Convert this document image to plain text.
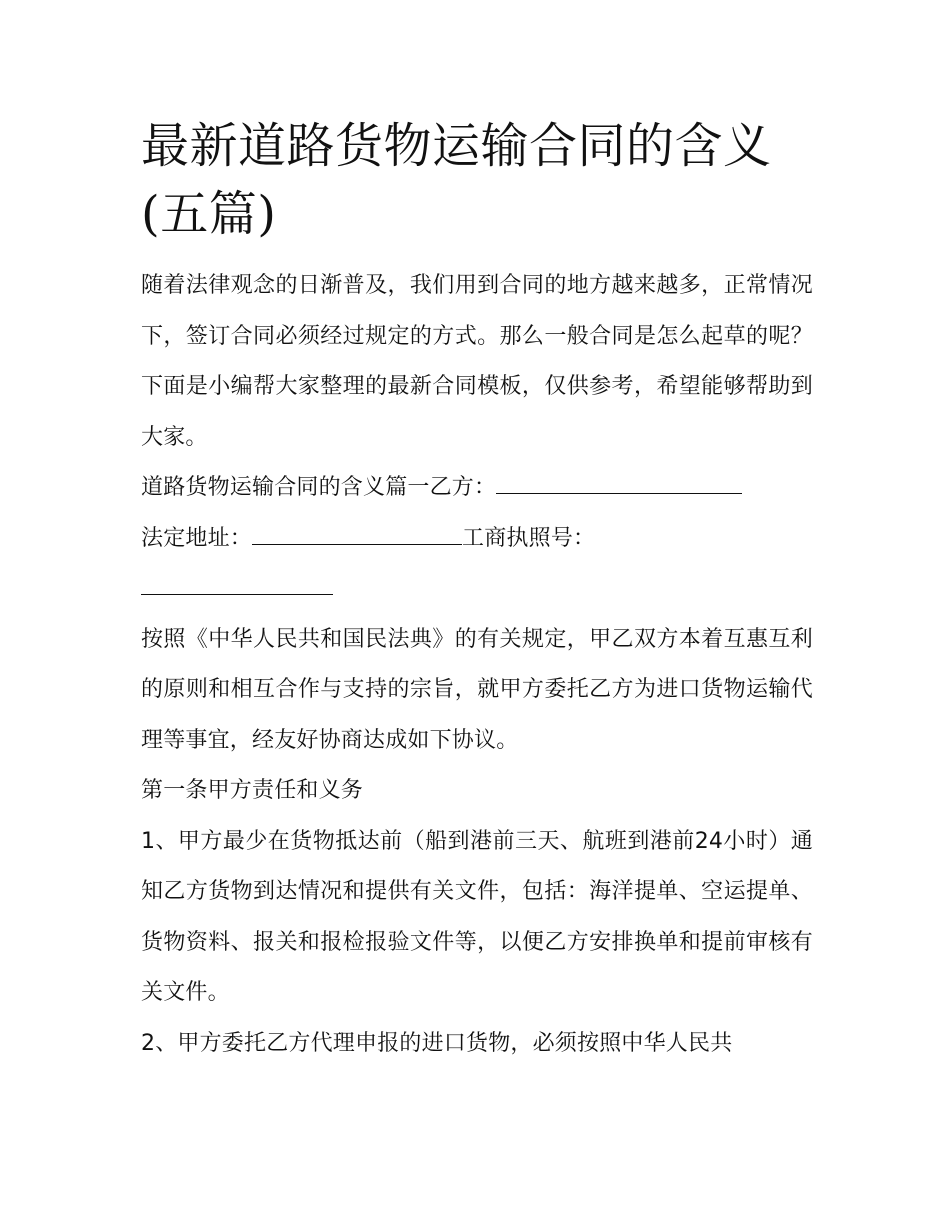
最新道路货物运输合同的含义(五篇)

随着法律观念的日渐普及，我们用到合同的地方越来越多，正常情况下，签订合同必须经过规定的方式。那么一般合同是怎么起草的呢？下面是小编帮大家整理的最新合同模板，仅供参考，希望能够帮助到大家。

道路货物运输合同的含义篇一乙方：

法定地址：	工商执照号：

按照《中华人民共和国民法典》的有关规定，甲乙双方本着互惠互利的原则和相互合作与支持的宗旨，就甲方委托乙方为进口货物运输代理等事宜，经友好协商达成如下协议。

第一条甲方责任和义务

1、甲方最少在货物抵达前（船到港前三天、航班到港前24小时）通知乙方货物到达情况和提供有关文件，包括：海洋提单、空运提单、货物资料、报关和报检报验文件等，以便乙方安排换单和提前审核有关文件。

2、甲方委托乙方代理申报的进口货物，必须按照中华人民共
